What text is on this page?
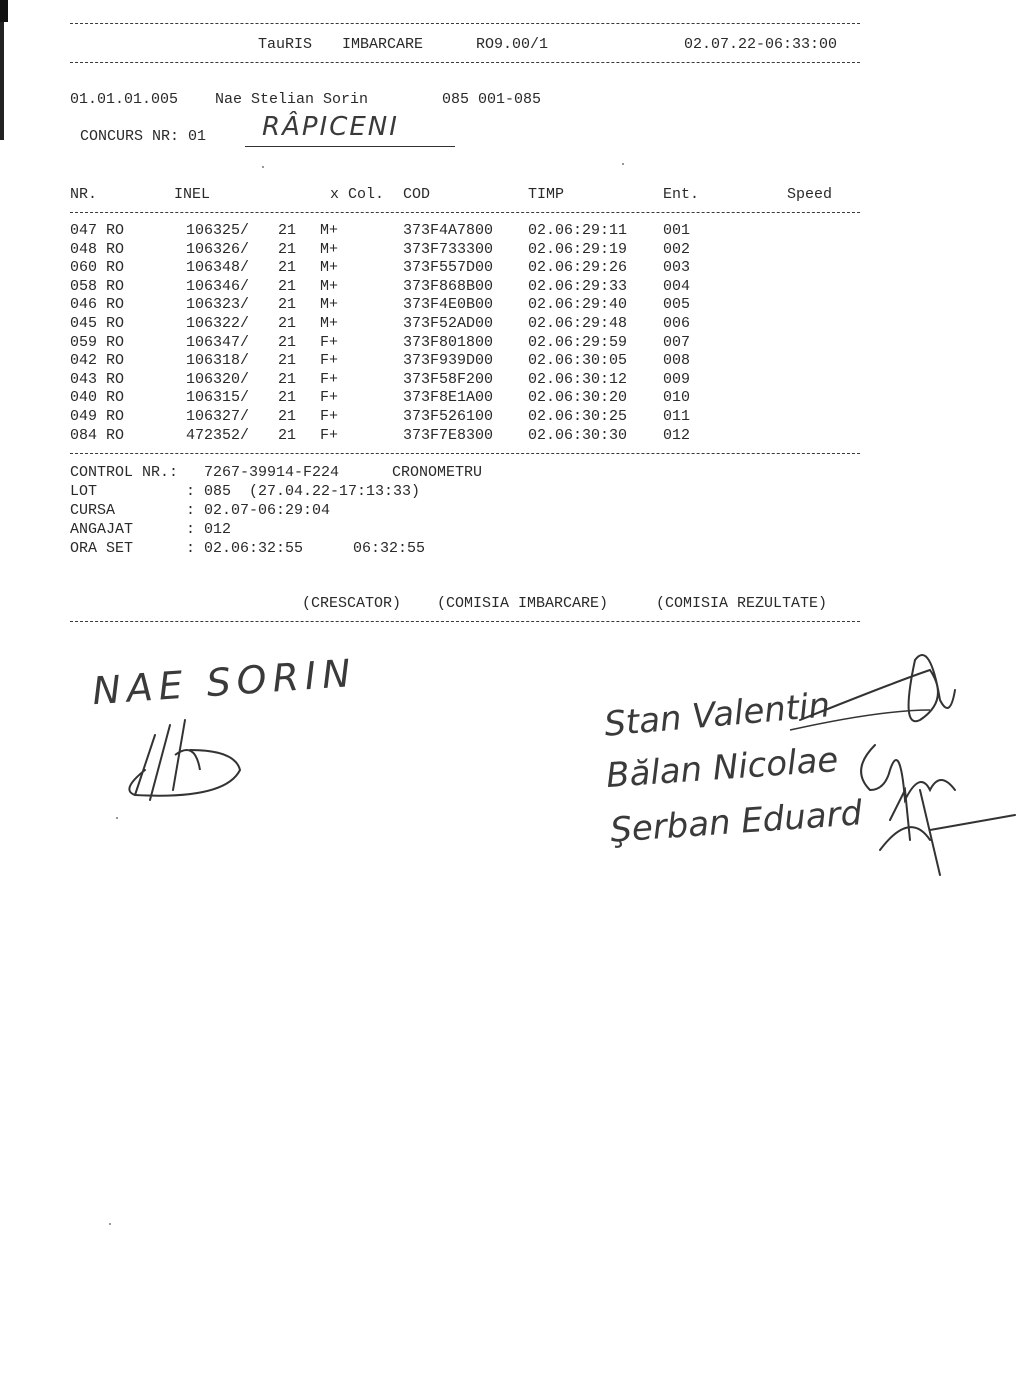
TauRIS IMBARCARE	RO9.00/1	02.07.22-06:33:00
01.01.01.005 Nae Stelian Sorin	085 001-085
CONCURS NR: 01 RÂPICENI
NR.	INEL	x Col. COD	TIMP	Ent.	Speed
047 RO	106325/ 21 M+	373F4A7800 02.06:29:11 001
048 RO	106326/ 21 M+	373F733300 02.06:29:19 002
060 RO	106348/ 21 M+	373F557D00 02.06:29:26 003
058 RO	106346/ 21 M+	373F868B00 02.06:29:33 004
046 RO	106323/ 21 M+	373F4E0B00 02.06:29:40 005
045 RO	106322/ 21 M+	373F52AD00 02.06:29:48 006
059 RO	106347/ 21 F+	373F801800 02.06:29:59 007
042 RO	106318/ 21 F+	373F939D00 02.06:30:05 008
043 RO	106320/ 21 F+	373F58F200 02.06:30:12 009
040 RO	106315/ 21 F+	373F8E1A00 02.06:30:20 010
049 RO	106327/ 21 F+	373F526100 02.06:30:25 011
084 RO	472352/ 21 F+	373F7E8300 02.06:30:30 012
CONTROL NR.: 7267-39914-F224	CRONOMETRU
LOT	: 085  (27.04.22-17:13:33)
CURSA	: 02.07-06:29:04
ANGAJAT	: 012
ORA SET	: 02.06:32:55	06:32:55
(CRESCATOR) (COMISIA IMBARCARE)	(COMISIA REZULTATE)
NAE SORIN
Stan Valentin
Bălan Nicolae
Şerban Eduard
